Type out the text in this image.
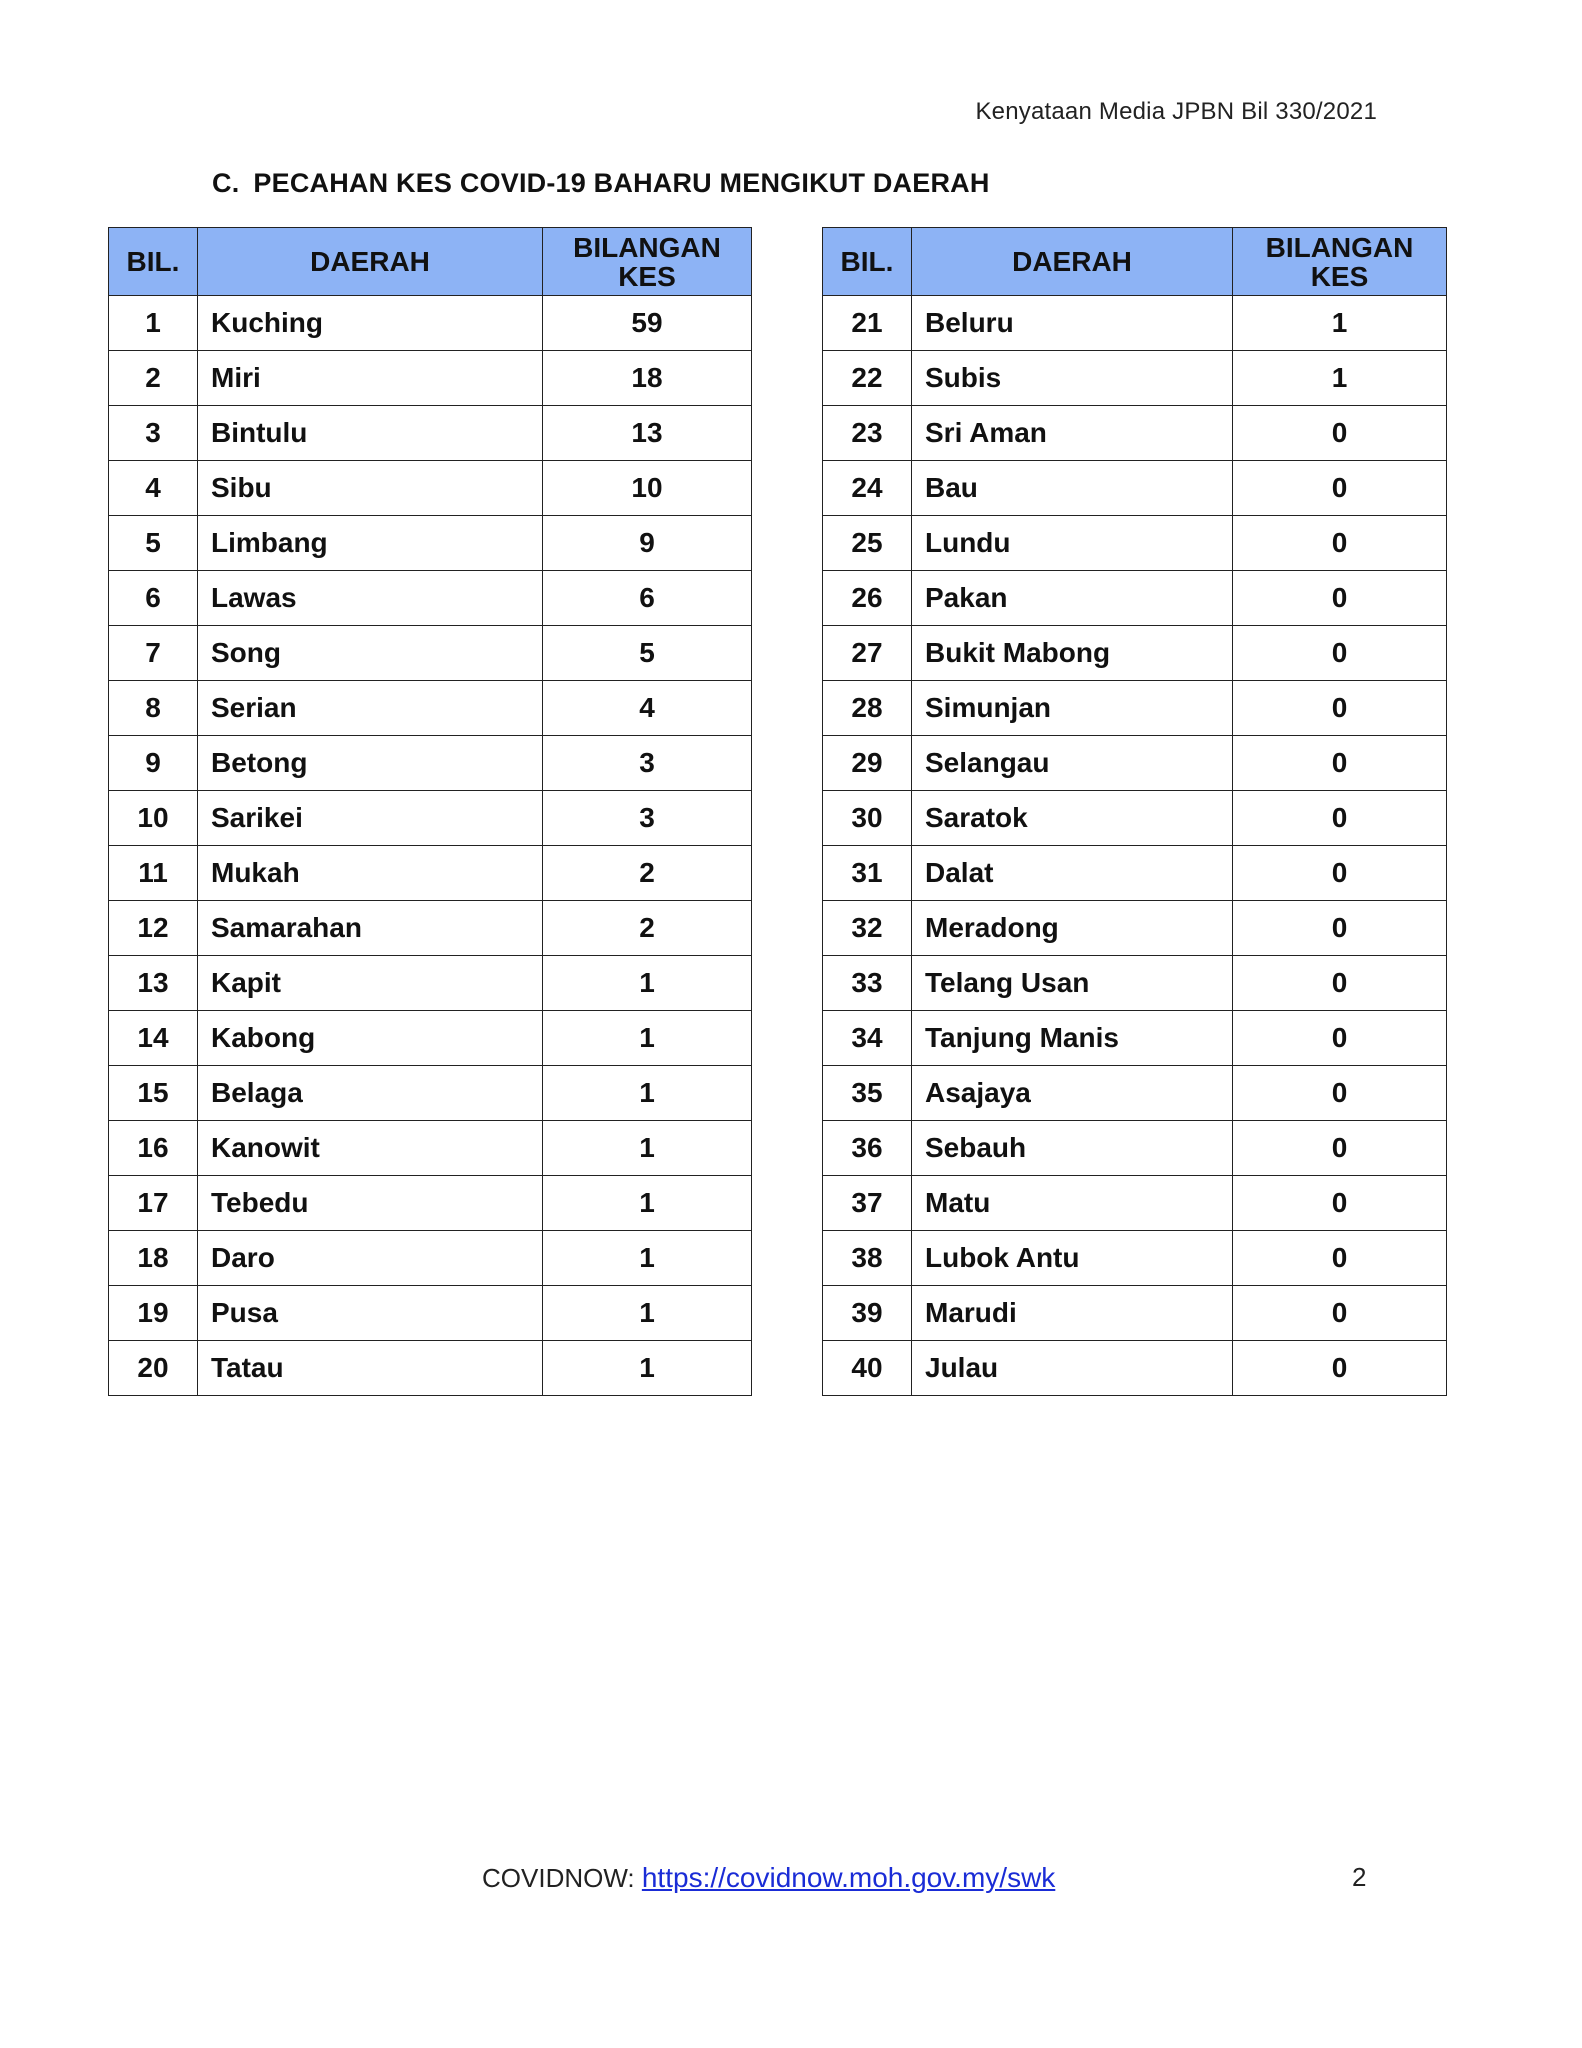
Kenyataan Media JPBN Bil 330/2021
C. PECAHAN KES COVID-19 BAHARU MENGIKUT DAERAH
BIL.	DAERAH	BILANGAN
KES
1	Kuching	59
2	Miri	18
3	Bintulu	13
4	Sibu	10
5	Limbang	9
6	Lawas	6
7	Song	5
8	Serian	4
9	Betong	3
10	Sarikei	3
11	Mukah	2
12	Samarahan	2
13	Kapit	1
14	Kabong	1
15	Belaga	1
16	Kanowit	1
17	Tebedu	1
18	Daro	1
19	Pusa	1
20	Tatau	1
BIL.	DAERAH	BILANGAN
KES
21	Beluru	1
22	Subis	1
23	Sri Aman	0
24	Bau	0
25	Lundu	0
26	Pakan	0
27	Bukit Mabong	0
28	Simunjan	0
29	Selangau	0
30	Saratok	0
31	Dalat	0
32	Meradong	0
33	Telang Usan	0
34	Tanjung Manis	0
35	Asajaya	0
36	Sebauh	0
37	Matu	0
38	Lubok Antu	0
39	Marudi	0
40	Julau	0
COVIDNOW: https://covidnow.moh.gov.my/swk	2
